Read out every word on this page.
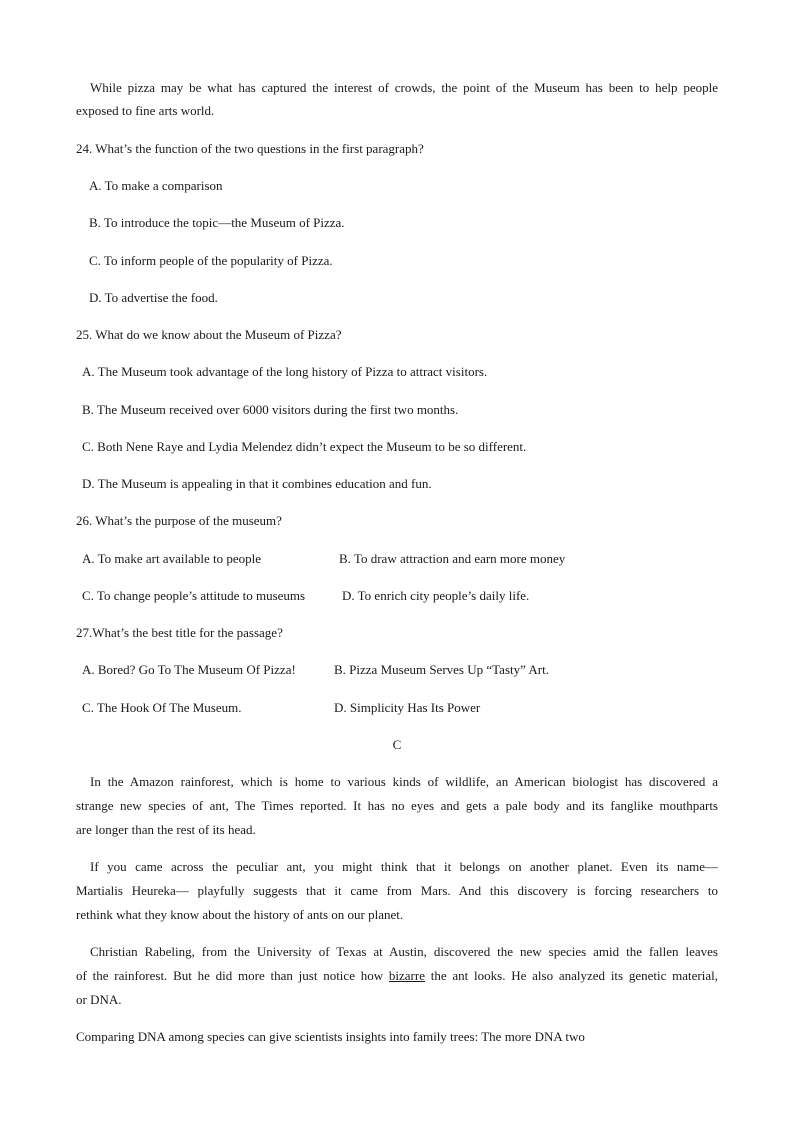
While pizza may be what has captured the interest of crowds, the point of the Museum has been to help people
exposed to fine arts world.
24. What’s the function of the two questions in the first paragraph?
A. To make a comparison
B. To introduce the topic—the Museum of Pizza.
C. To inform people of the popularity of Pizza.
D. To advertise the food.
25. What do we know about the Museum of Pizza?
A. The Museum took advantage of the long history of Pizza to attract visitors.
B. The Museum received over 6000 visitors during the first two months.
C. Both Nene Raye and Lydia Melendez didn’t expect the Museum to be so different.
D. The Museum is appealing in that it combines education and fun.
26. What’s the purpose of the museum?
A. To make art available to people	B. To draw attraction and earn more money
C. To change people’s attitude to museums	D. To enrich city people’s daily life.
27.What’s the best title for the passage?
A. Bored? Go To The Museum Of Pizza!	B. Pizza Museum Serves Up “Tasty” Art.
C. The Hook Of The Museum.	D. Simplicity Has Its Power
C
In the Amazon rainforest, which is home to various kinds of wildlife, an American biologist has discovered a
strange new species of ant, The Times reported. It has no eyes and gets a pale body and its fanglike mouthparts
are longer than the rest of its head.
If you came across the peculiar ant, you might think that it belongs on another planet. Even its name—
Martialis Heureka— playfully suggests that it came from Mars. And this discovery is forcing researchers to
rethink what they know about the history of ants on our planet.
Christian Rabeling, from the University of Texas at Austin, discovered the new species amid the fallen leaves
of the rainforest. But he did more than just notice how bizarre the ant looks. He also analyzed its genetic material,
or DNA.
Comparing DNA among species can give scientists insights into family trees: The more DNA two
